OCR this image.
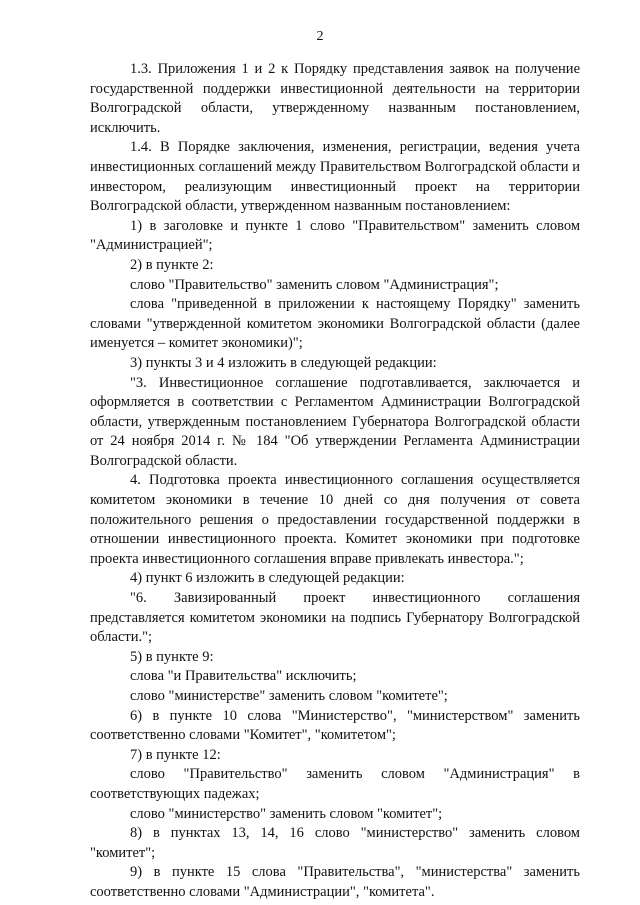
2

1.3. Приложения 1 и 2 к Порядку представления заявок на получение государственной поддержки инвестиционной деятельности на территории Волгоградской области, утвержденному названным постановлением, исключить.

1.4. В Порядке заключения, изменения, регистрации, ведения учета инвестиционных соглашений между Правительством Волгоградской области и инвестором, реализующим инвестиционный проект на территории Волгоградской области, утвержденном названным постановлением:

1) в заголовке и пункте 1 слово "Правительством" заменить словом "Администрацией";

2) в пункте 2:

слово "Правительство" заменить словом "Администрация";

слова "приведенной в приложении к настоящему Порядку" заменить словами "утвержденной комитетом экономики Волгоградской области (далее именуется – комитет экономики)";

3) пункты 3 и 4 изложить в следующей редакции:

"3. Инвестиционное соглашение подготавливается, заключается и оформляется в соответствии с Регламентом Администрации Волгоградской области, утвержденным постановлением Губернатора Волгоградской области от 24 ноября 2014 г. № 184 "Об утверждении Регламента Администрации Волгоградской области.

4. Подготовка проекта инвестиционного соглашения осуществляется комитетом экономики в течение 10 дней со дня получения от совета положительного решения о предоставлении государственной поддержки в отношении инвестиционного проекта. Комитет экономики при подготовке проекта инвестиционного соглашения вправе привлекать инвестора.";

4) пункт 6 изложить в следующей редакции:

"6. Завизированный проект инвестиционного соглашения представляется комитетом экономики на подпись Губернатору Волгоградской области.";

5) в пункте 9:

слова "и Правительства" исключить;

слово "министерстве" заменить словом "комитете";

6) в пункте 10 слова "Министерство", "министерством" заменить соответственно словами "Комитет", "комитетом";

7) в пункте 12:

слово "Правительство" заменить словом "Администрация" в соответствующих падежах;

слово "министерство" заменить словом "комитет";

8) в пунктах 13, 14, 16 слово "министерство" заменить словом "комитет";

9) в пункте 15 слова "Правительства", "министерства" заменить соответственно словами "Администрации", "комитета".
